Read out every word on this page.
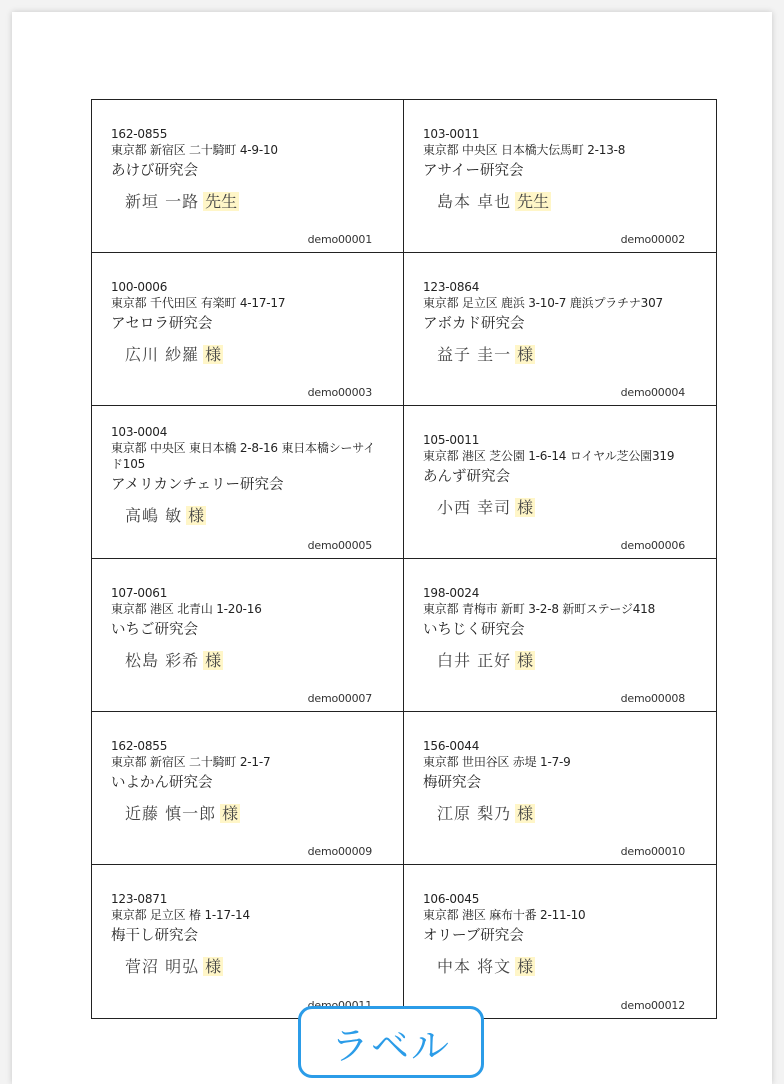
162-0855
東京都 新宿区 二十騎町 4-9-10
あけび研究会
新垣 一路 先生
demo00001
103-0011
東京都 中央区 日本橋大伝馬町 2-13-8
アサイー研究会
島本 卓也 先生
demo00002
100-0006
東京都 千代田区 有楽町 4-17-17
アセロラ研究会
広川 紗羅 様
demo00003
123-0864
東京都 足立区 鹿浜 3-10-7 鹿浜プラチナ307
アボカド研究会
益子 圭一 様
demo00004
103-0004
東京都 中央区 東日本橋 2-8-16 東日本橋シーサイド105
アメリカンチェリー研究会
高嶋 敏 様
demo00005
105-0011
東京都 港区 芝公園 1-6-14 ロイヤル芝公園319
あんず研究会
小西 幸司 様
demo00006
107-0061
東京都 港区 北青山 1-20-16
いちご研究会
松島 彩希 様
demo00007
198-0024
東京都 青梅市 新町 3-2-8 新町ステージ418
いちじく研究会
白井 正好 様
demo00008
162-0855
東京都 新宿区 二十騎町 2-1-7
いよかん研究会
近藤 慎一郎 様
demo00009
156-0044
東京都 世田谷区 赤堤 1-7-9
梅研究会
江原 梨乃 様
demo00010
123-0871
東京都 足立区 椿 1-17-14
梅干し研究会
菅沼 明弘 様
106-0045
東京都 港区 麻布十番 2-11-10
オリーブ研究会
中本 将文 様
demo00012
ラベル
